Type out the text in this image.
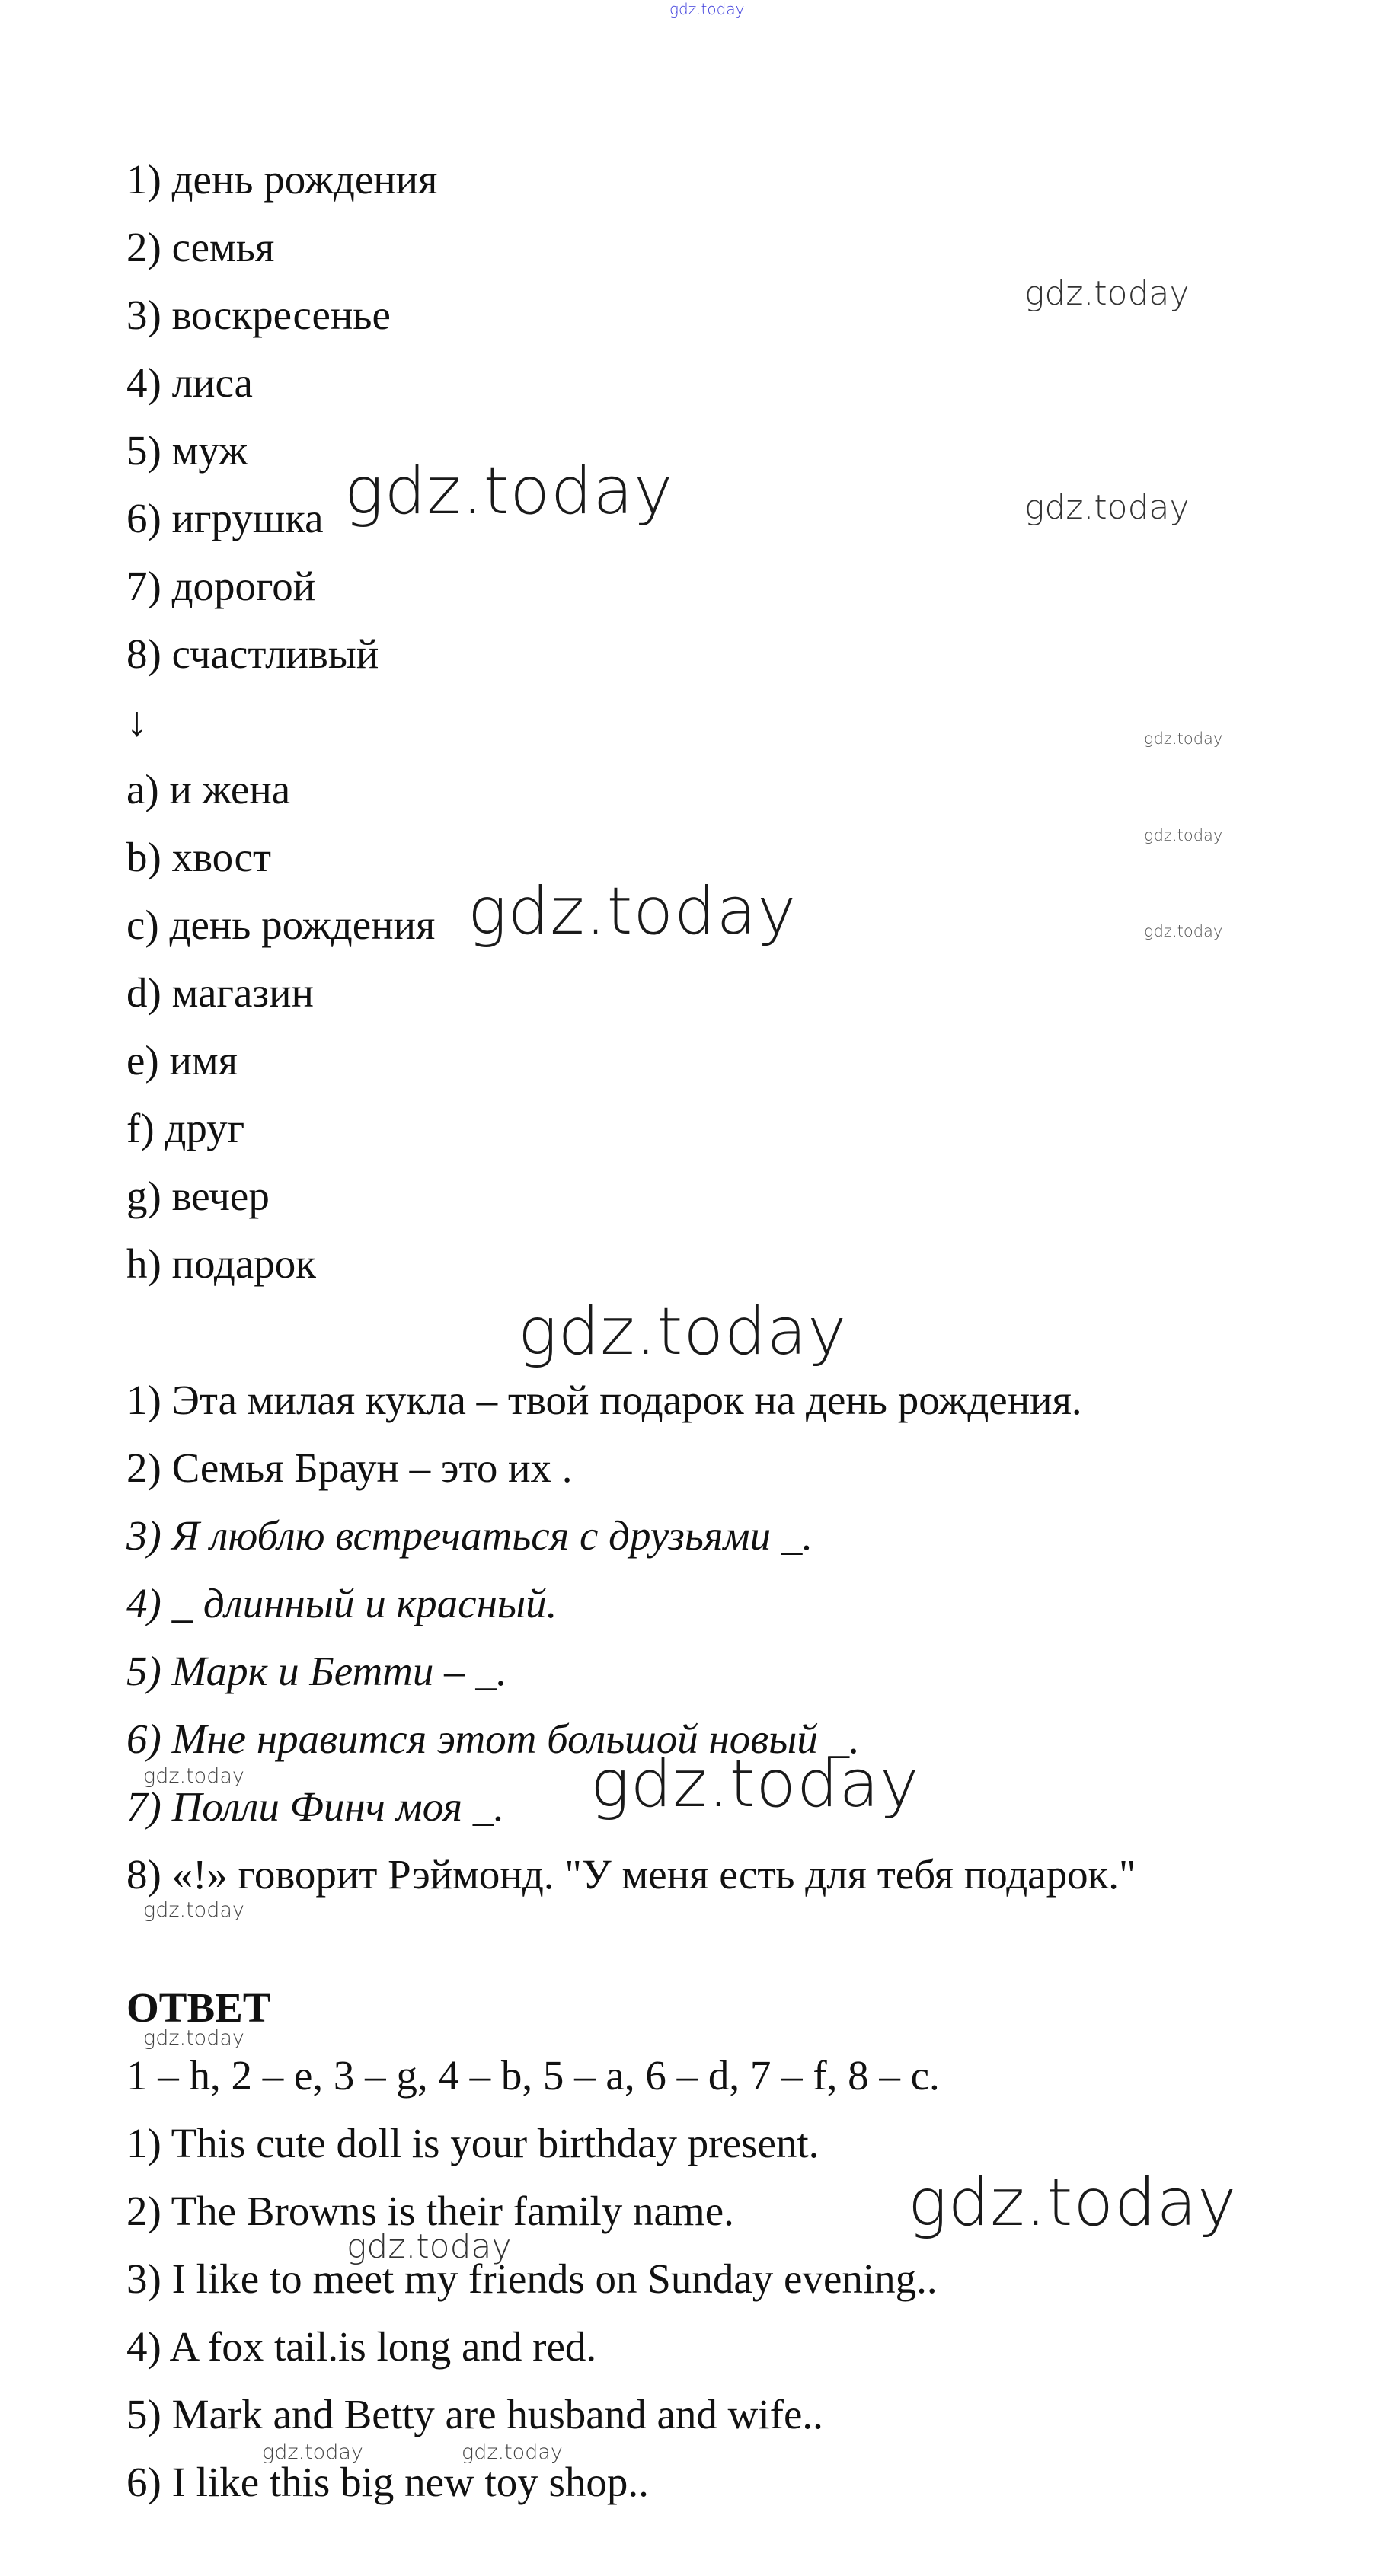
gdz.today
1) день рождения
2) семья
3) воскресенье
4) лиса
5) муж
6) игрушка
7) дорогой
8) счастливый
↓
a) и жена
b) хвост
c) день рождения
d) магазин
e) имя
f) друг
g) вечер
h) подарок
1) Эта милая кукла – твой подарок на день рождения.
2) Семья Браун – это их .
3) Я люблю встречаться с друзьями _.
4) _ длинный и красный.
5) Марк и Бетти – _.
6) Мне нравится этот большой новый _.
7) Полли Финч моя _.
8) «!» говорит Рэймонд. "У меня есть для тебя подарок."
ОТВЕТ
1 – h, 2 – e, 3 – g, 4 – b, 5 – a, 6 – d, 7 – f, 8 – c.
1) This cute doll is your birthday present.
2) The Browns is their family name.
3) I like to meet my friends on Sunday evening..
4) A fox tail.is long and red.
5) Mark and Betty are husband and wife..
6) I like this big new toy shop..
gdz.today
gdz.today
gdz.today
gdz.today
gdz.today
gdz.today
gdz.today
gdz.today
gdz.today	gdz.today
gdz.today
gdz.today
gdz.today
gdz.today
gdz.today	gdz.today
